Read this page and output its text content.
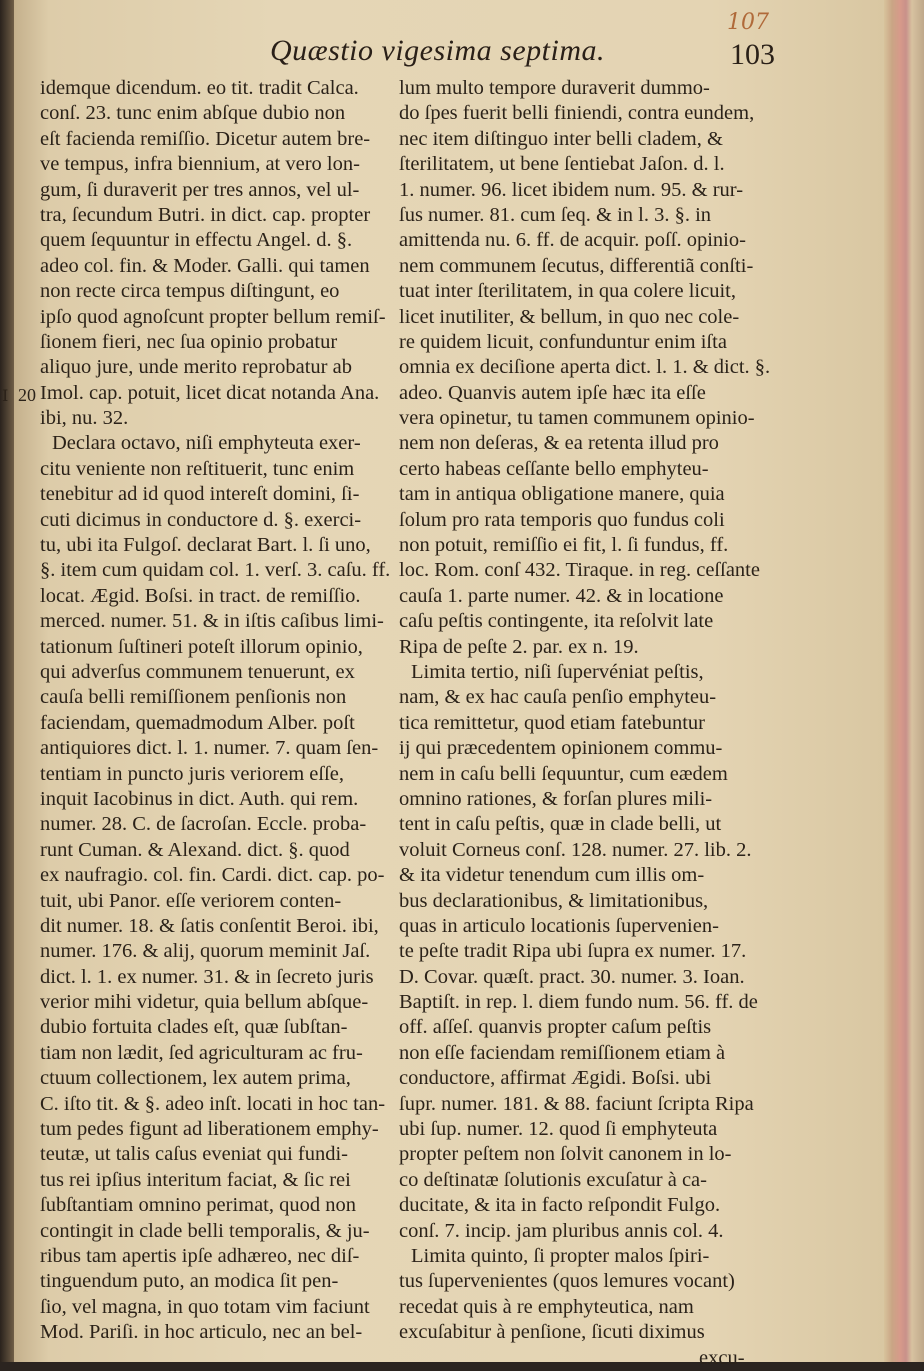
107
Quæstio vigesima septima.	103
I 20
idemque dicendum. eo tit. tradit Calca.
conſ. 23. tunc enim abſque dubio non
eſt facienda remiſſio. Dicetur autem bre-
ve tempus, infra biennium, at vero lon-
gum, ſi duraverit per tres annos, vel ul-
tra, ſecundum Butri. in dict. cap. propter
quem ſequuntur in effectu Angel. d. §.
adeo col. fin. & Moder. Galli. qui tamen
non recte circa tempus diſtingunt, eo
ipſo quod agnoſcunt propter bellum remiſ-
ſionem fieri, nec ſua opinio probatur
aliquo jure, unde merito reprobatur ab
Imol. cap. potuit, licet dicat notanda Ana.
ibi, nu. 32.
Declara octavo, niſi emphyteuta exer-
citu veniente non reſtituerit, tunc enim
tenebitur ad id quod intereſt domini, ſi-
cuti dicimus in conductore d. §. exerci-
tu, ubi ita Fulgoſ. declarat Bart. l. ſi uno,
§. item cum quidam col. 1. verſ. 3. caſu. ff.
locat. Ægid. Boſsi. in tract. de remiſſio.
merced. numer. 51. & in iſtis caſibus limi-
tationum ſuſtineri poteſt illorum opinio,
qui adverſus communem tenuerunt, ex
cauſa belli remiſſionem penſionis non
faciendam, quemadmodum Alber. poſt
antiquiores dict. l. 1. numer. 7. quam ſen-
tentiam in puncto juris veriorem eſſe,
inquit Iacobinus in dict. Auth. qui rem.
numer. 28. C. de ſacroſan. Eccle. proba-
runt Cuman. & Alexand. dict. §. quod
ex naufragio. col. fin. Cardi. dict. cap. po-
tuit, ubi Panor. eſſe veriorem conten-
dit numer. 18. & ſatis conſentit Beroi. ibi,
numer. 176. & alij, quorum meminit Jaſ.
dict. l. 1. ex numer. 31. & in ſecreto juris
verior mihi videtur, quia bellum abſque-
dubio fortuita clades eſt, quæ ſubſtan-
tiam non lædit, ſed agriculturam ac fru-
ctuum collectionem, lex autem prima,
C. iſto tit. & §. adeo inſt. locati in hoc tan-
tum pedes figunt ad liberationem emphy-
teutæ, ut talis caſus eveniat qui fundi-
tus rei ipſius interitum faciat, & ſic rei
ſubſtantiam omnino perimat, quod non
contingit in clade belli temporalis, & ju-
ribus tam apertis ipſe adhæreo, nec diſ-
tinguendum puto, an modica ſit pen-
ſio, vel magna, in quo totam vim faciunt
Mod. Pariſi. in hoc articulo, nec an bel-
lum multo tempore duraverit dummo-
do ſpes fuerit belli finiendi, contra eundem,
nec item diſtinguo inter belli cladem, &
ſterilitatem, ut bene ſentiebat Jaſon. d. l.
1. numer. 96. licet ibidem num. 95. & rur-
ſus numer. 81. cum ſeq. & in l. 3. §. in
amittenda nu. 6. ff. de acquir. poſſ. opinio-
nem communem ſecutus, differentiã conſti-
tuat inter ſterilitatem, in qua colere licuit,
licet inutiliter, & bellum, in quo nec cole-
re quidem licuit, confunduntur enim iſta
omnia ex deciſione aperta dict. l. 1. & dict. §.
adeo. Quanvis autem ipſe hæc ita eſſe
vera opinetur, tu tamen communem opinio-
nem non deſeras, & ea retenta illud pro
certo habeas ceſſante bello emphyteu-
tam in antiqua obligatione manere, quia
ſolum pro rata temporis quo fundus coli
non potuit, remiſſio ei fit, l. ſi fundus, ff.
loc. Rom. conſ 432. Tiraque. in reg. ceſſante
cauſa 1. parte numer. 42. & in locatione
caſu peſtis contingente, ita reſolvit late
Ripa de peſte 2. par. ex n. 19.
Limita tertio, niſi ſupervéniat peſtis,
nam, & ex hac cauſa penſio emphyteu-
tica remittetur, quod etiam fatebuntur
ij qui præcedentem opinionem commu-
nem in caſu belli ſequuntur, cum eædem
omnino rationes, & forſan plures mili-
tent in caſu peſtis, quæ in clade belli, ut
voluit Corneus conſ. 128. numer. 27. lib. 2.
& ita videtur tenendum cum illis om-
bus declarationibus, & limitationibus,
quas in articulo locationis ſupervenien-
te peſte tradit Ripa ubi ſupra ex numer. 17.
D. Covar. quæſt. pract. 30. numer. 3. Ioan.
Baptiſt. in rep. l. diem fundo num. 56. ff. de
off. aſſeſ. quanvis propter caſum peſtis
non eſſe faciendam remiſſionem etiam à
conductore, affirmat Ægidi. Boſsi. ubi
ſupr. numer. 181. & 88. faciunt ſcripta Ripa
ubi ſup. numer. 12. quod ſi emphyteuta
propter peſtem non ſolvit canonem in lo-
co deſtinatæ ſolutionis excuſatur à ca-
ducitate, & ita in facto reſpondit Fulgo.
conſ. 7. incip. jam pluribus annis col. 4.
Limita quinto, ſi propter malos ſpiri-
tus ſupervenientes (quos lemures vocant)
recedat quis à re emphyteutica, nam
excuſabitur à penſione, ſicuti diximus
excu-
